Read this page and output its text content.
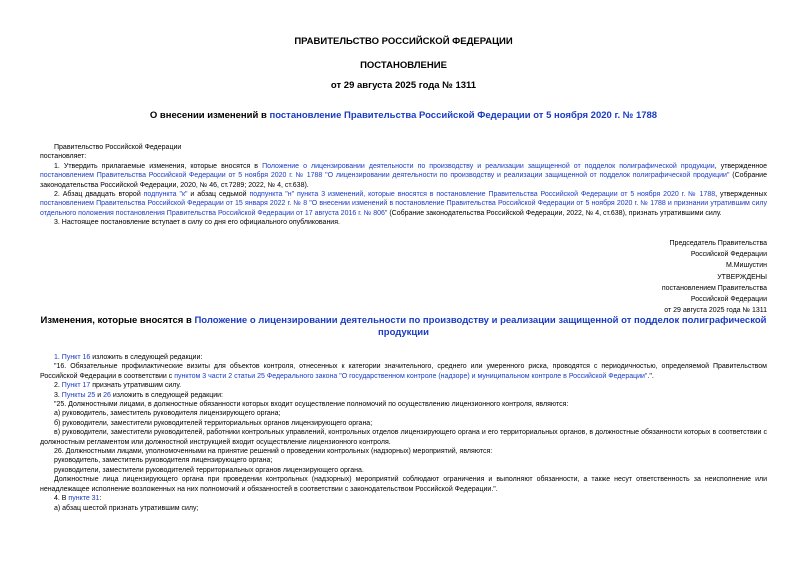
ПРАВИТЕЛЬСТВО РОССИЙСКОЙ ФЕДЕРАЦИИ

ПОСТАНОВЛЕНИЕ

от 29 августа 2025 года № 1311

О внесении изменений в постановление Правительства Российской Федерации от 5 ноября 2020 г. № 1788

Правительство Российской Федерации

постановляет:

1. Утвердить прилагаемые изменения, которые вносятся в Положение о лицензировании деятельности по производству и реализации защищенной от подделок полиграфической продукции, утвержденное постановлением Правительства Российской Федерации от 5 ноября 2020 г. № 1788 "О лицензировании деятельности по производству и реализации защищенной от подделок полиграфической продукции" (Собрание законодательства Российской Федерации, 2020, № 46, ст.7289; 2022, № 4, ст.638).

2. Абзац двадцать второй подпункта "к" и абзац седьмой подпункта "н" пункта 3 изменений, которые вносятся в постановление Правительства Российской Федерации от 5 ноября 2020 г. № 1788, утвержденных постановлением Правительства Российской Федерации от 15 января 2022 г. № 8 "О внесении изменений в постановление Правительства Российской Федерации от 5 ноября 2020 г. № 1788 и признании утратившим силу отдельного положения постановления Правительства Российской Федерации от 17 августа 2016 г. № 806" (Собрание законодательства Российской Федерации, 2022, № 4, ст.638), признать утратившими силу.

3. Настоящее постановление вступает в силу со дня его официального опубликования.

Председатель Правительства

Российской Федерации

М.Мишустин

УТВЕРЖДЕНЫ

постановлением Правительства

Российской Федерации

от 29 августа 2025 года № 1311

Изменения, которые вносятся в Положение о лицензировании деятельности по производству и реализации защищенной от подделок полиграфической продукции

1. Пункт 16 изложить в следующей редакции:

"16. Обязательные профилактические визиты для объектов контроля, отнесенных к категории значительного, среднего или умеренного риска, проводятся с периодичностью, определяемой Правительством Российской Федерации в соответствии с пунктом 3 части 2 статьи 25 Федерального закона "О государственном контроле (надзоре) и муниципальном контроле в Российской Федерации".".

2. Пункт 17 признать утратившим силу.

3. Пункты 25 и 26 изложить в следующей редакции:

"25. Должностными лицами, в должностные обязанности которых входит осуществление полномочий по осуществлению лицензионного контроля, являются:

а) руководитель, заместитель руководителя лицензирующего органа;

б) руководители, заместители руководителей территориальных органов лицензирующего органа;

в) руководители, заместители руководителей, работники контрольных управлений, контрольных отделов лицензирующего органа и его территориальных органов, в должностные обязанности которых в соответствии с должностным регламентом или должностной инструкцией входит осуществление лицензионного контроля.

26. Должностными лицами, уполномоченными на принятие решений о проведении контрольных (надзорных) мероприятий, являются:

руководитель, заместитель руководителя лицензирующего органа;

руководители, заместители руководителей территориальных органов лицензирующего органа.

Должностные лица лицензирующего органа при проведении контрольных (надзорных) мероприятий соблюдают ограничения и выполняют обязанности, а также несут ответственность за неисполнение или ненадлежащее исполнение возложенных на них полномочий и обязанностей в соответствии с законодательством Российской Федерации.".

4. В пункте 31:

а) абзац шестой признать утратившим силу;
